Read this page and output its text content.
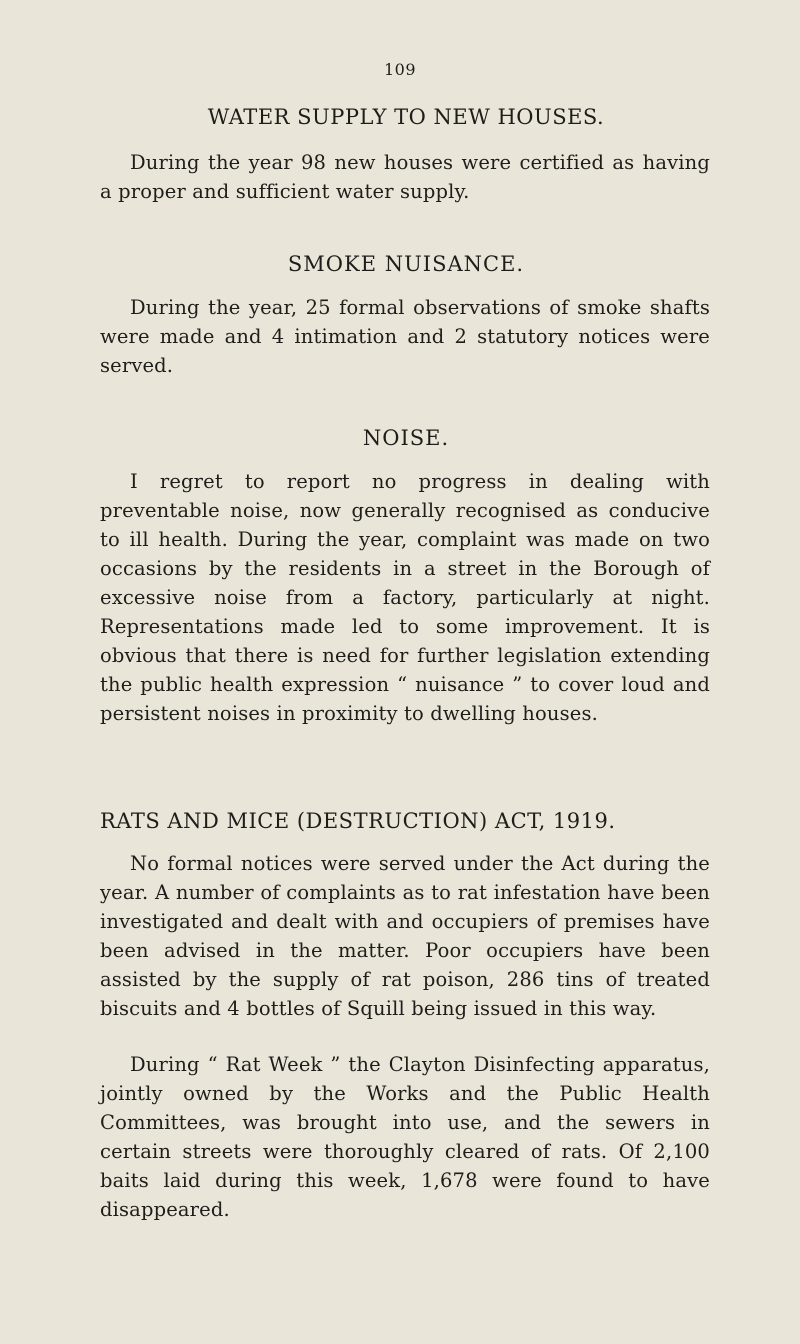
109
WATER SUPPLY TO NEW HOUSES.

During the year 98 new houses were certified as having a proper and sufficient water supply.

SMOKE NUISANCE.

During the year, 25 formal observations of smoke shafts were made and 4 intimation and 2 statutory notices were served.

NOISE.

I regret to report no progress in dealing with preventable noise, now generally recognised as conducive to ill health. During the year, complaint was made on two occasions by the residents in a street in the Borough of excessive noise from a factory, particularly at night. Representations made led to some improvement. It is obvious that there is need for further legislation extending the public health expression “ nuisance ” to cover loud and persistent noises in proximity to dwelling houses.

RATS AND MICE (DESTRUCTION) ACT, 1919.

No formal notices were served under the Act during the year. A number of complaints as to rat infestation have been investigated and dealt with and occupiers of premises have been advised in the matter. Poor occupiers have been assisted by the supply of rat poison, 286 tins of treated biscuits and 4 bottles of Squill being issued in this way.

During “ Rat Week ” the Clayton Disinfecting apparatus, jointly owned by the Works and the Public Health Committees, was brought into use, and the sewers in certain streets were thoroughly cleared of rats. Of 2,100 baits laid during this week, 1,678 were found to have disappeared.
